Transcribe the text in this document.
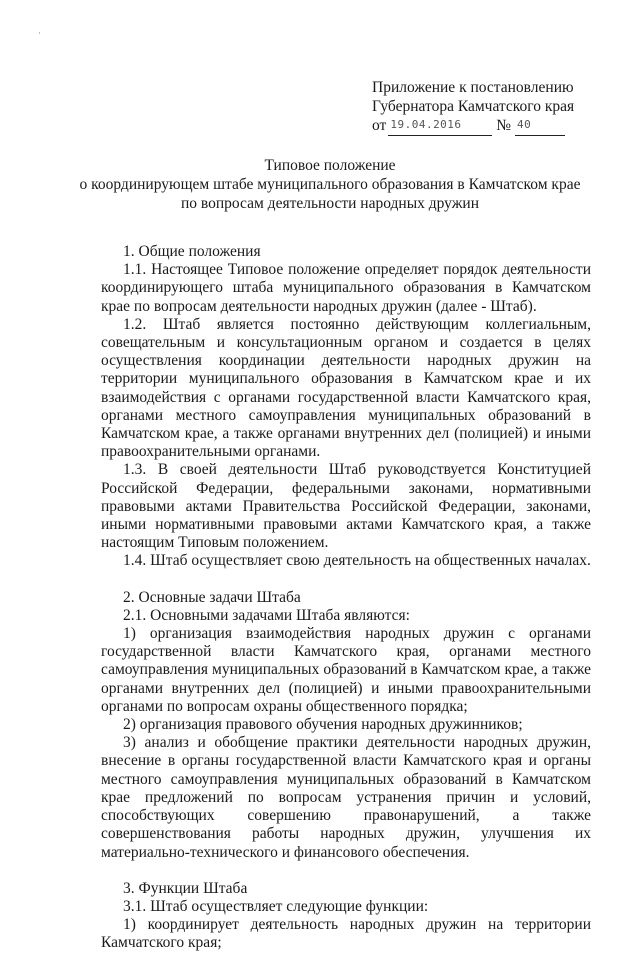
·
Приложение к постановлению
Губернатора Камчатского края
от 19.04.2016 № 40

Типовое положение
о координирующем штабе муниципального образования в Камчатском крае
по вопросам деятельности народных дружин

1. Общие положения

1.1. Настоящее Типовое положение определяет порядок деятельности координирующего штаба муниципального образования в Камчатском крае по вопросам деятельности народных дружин (далее - Штаб).

1.2. Штаб является постоянно действующим коллегиальным, совещательным и консультационным органом и создается в целях осуществления координации деятельности народных дружин на территории муниципального образования в Камчатском крае и их взаимодействия с органами государственной власти Камчатского края, органами местного самоуправления муниципальных образований в Камчатском крае, а также органами внутренних дел (полицией) и иными правоохранительными органами.

1.3. В своей деятельности Штаб руководствуется Конституцией Российской Федерации, федеральными законами, нормативными правовыми актами Правительства Российской Федерации, законами, иными нормативными правовыми актами Камчатского края, а также настоящим Типовым положением.

1.4. Штаб осуществляет свою деятельность на общественных началах.

2. Основные задачи Штаба

2.1. Основными задачами Штаба являются:

1) организация взаимодействия народных дружин с органами государственной власти Камчатского края, органами местного самоуправления муниципальных образований в Камчатском крае, а также органами внутренних дел (полицией) и иными правоохранительными органами по вопросам охраны общественного порядка;

2) организация правового обучения народных дружинников;

3) анализ и обобщение практики деятельности народных дружин, внесение в органы государственной власти Камчатского края и органы местного самоуправления муниципальных образований в Камчатском крае предложений по вопросам устранения причин и условий, способствующих совершению правонарушений, а также совершенствования работы народных дружин, улучшения их материально-технического и финансового обеспечения.

3. Функции Штаба

3.1. Штаб осуществляет следующие функции:

1) координирует деятельность народных дружин на территории Камчатского края;
